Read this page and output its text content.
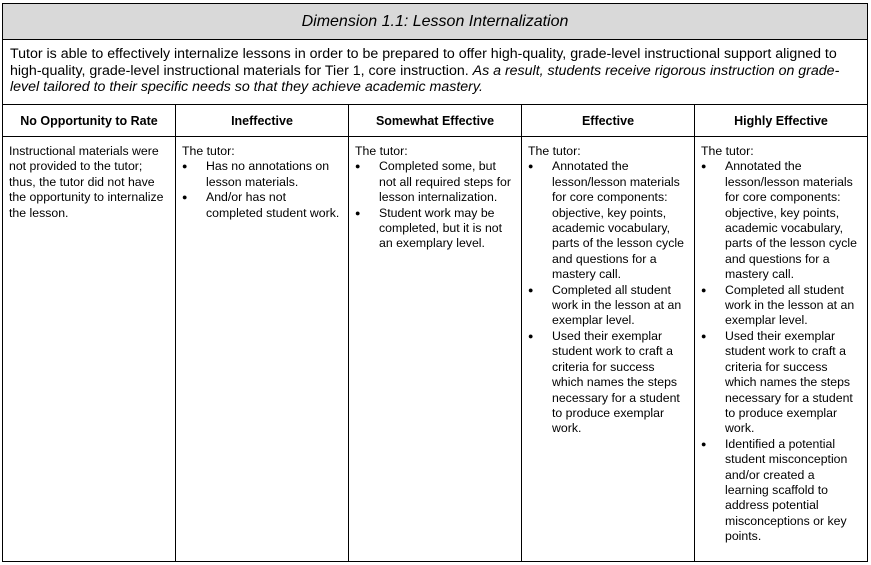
Dimension 1.1: Lesson Internalization
Tutor is able to effectively internalize lessons in order to be prepared to offer high-quality, grade-level instructional support aligned to high-quality, grade-level instructional materials for Tier 1, core instruction. As a result, students receive rigorous instruction on grade-level tailored to their specific needs so that they achieve academic mastery.
No Opportunity to Rate
Instructional materials were not provided to the tutor; thus, the tutor did not have the opportunity to internalize the lesson.
Ineffective
The tutor:
● Has no annotations on lesson materials.
● And/or has not completed student work.
Somewhat Effective
The tutor:
● Completed some, but not all required steps for lesson internalization.
● Student work may be completed, but it is not an exemplary level.
Effective
The tutor:
● Annotated the lesson/lesson materials for core components: objective, key points, academic vocabulary, parts of the lesson cycle and questions for a mastery call.
● Completed all student work in the lesson at an exemplar level.
● Used their exemplar student work to craft a criteria for success which names the steps necessary for a student to produce exemplar work.
Highly Effective
The tutor:
● Annotated the lesson/lesson materials for core components: objective, key points, academic vocabulary, parts of the lesson cycle and questions for a mastery call.
● Completed all student work in the lesson at an exemplar level.
● Used their exemplar student work to craft a criteria for success which names the steps necessary for a student to produce exemplar work.
● Identified a potential student misconception and/or created a learning scaffold to address potential misconceptions or key points.
